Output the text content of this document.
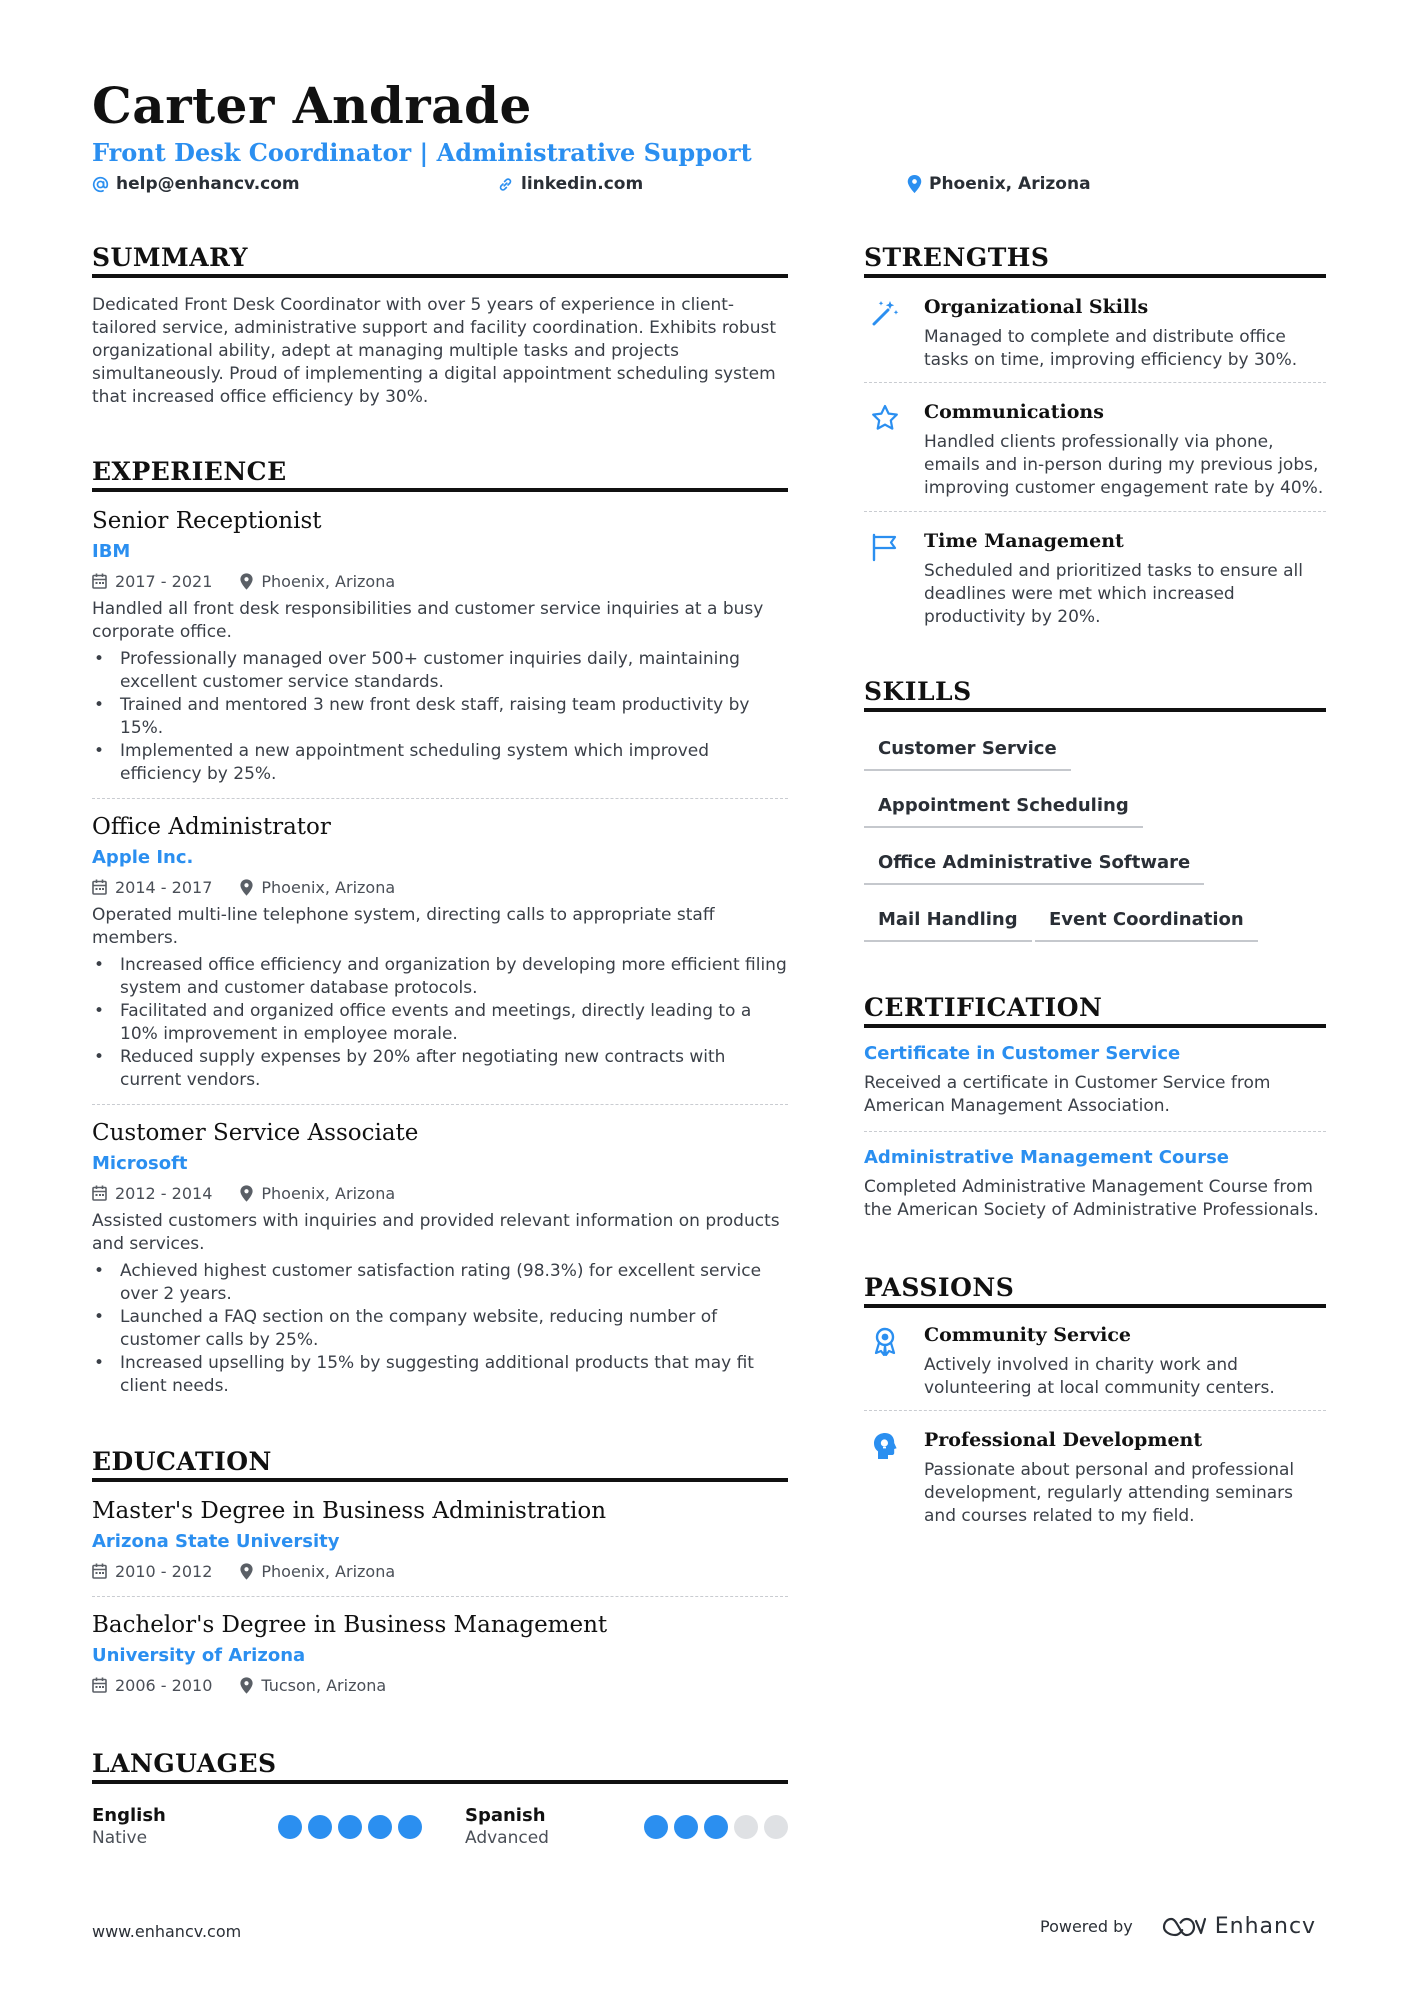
Carter Andrade
Front Desk Coordinator | Administrative Support
help@enhancv.com	linkedin.com	Phoenix, Arizona
SUMMARY
Dedicated Front Desk Coordinator with over 5 years of experience in client-tailored service, administrative support and facility coordination. Exhibits robust organizational ability, adept at managing multiple tasks and projects simultaneously. Proud of implementing a digital appointment scheduling system that increased office efficiency by 30%.
EXPERIENCE
Senior Receptionist
IBM
2017 - 2021	Phoenix, Arizona
Handled all front desk responsibilities and customer service inquiries at a busy corporate office.
• Professionally managed over 500+ customer inquiries daily, maintaining excellent customer service standards.
• Trained and mentored 3 new front desk staff, raising team productivity by 15%.
• Implemented a new appointment scheduling system which improved efficiency by 25%.
Office Administrator
Apple Inc.
2014 - 2017	Phoenix, Arizona
Operated multi-line telephone system, directing calls to appropriate staff members.
• Increased office efficiency and organization by developing more efficient filing system and customer database protocols.
• Facilitated and organized office events and meetings, directly leading to a 10% improvement in employee morale.
• Reduced supply expenses by 20% after negotiating new contracts with current vendors.
Customer Service Associate
Microsoft
2012 - 2014	Phoenix, Arizona
Assisted customers with inquiries and provided relevant information on products and services.
• Achieved highest customer satisfaction rating (98.3%) for excellent service over 2 years.
• Launched a FAQ section on the company website, reducing number of customer calls by 25%.
• Increased upselling by 15% by suggesting additional products that may fit client needs.
EDUCATION
Master's Degree in Business Administration
Arizona State University
2010 - 2012	Phoenix, Arizona
Bachelor's Degree in Business Management
University of Arizona
2006 - 2010	Tucson, Arizona
LANGUAGES
English
Native
Spanish
Advanced
STRENGTHS
Organizational Skills
Managed to complete and distribute office tasks on time, improving efficiency by 30%.
Communications
Handled clients professionally via phone, emails and in-person during my previous jobs, improving customer engagement rate by 40%.
Time Management
Scheduled and prioritized tasks to ensure all deadlines were met which increased productivity by 20%.
SKILLS
Customer Service
Appointment Scheduling
Office Administrative Software
Mail Handling	Event Coordination
CERTIFICATION
Certificate in Customer Service
Received a certificate in Customer Service from American Management Association.
Administrative Management Course
Completed Administrative Management Course from the American Society of Administrative Professionals.
PASSIONS
Community Service
Actively involved in charity work and volunteering at local community centers.
Professional Development
Passionate about personal and professional development, regularly attending seminars and courses related to my field.
www.enhancv.com	Powered by	Enhancv
